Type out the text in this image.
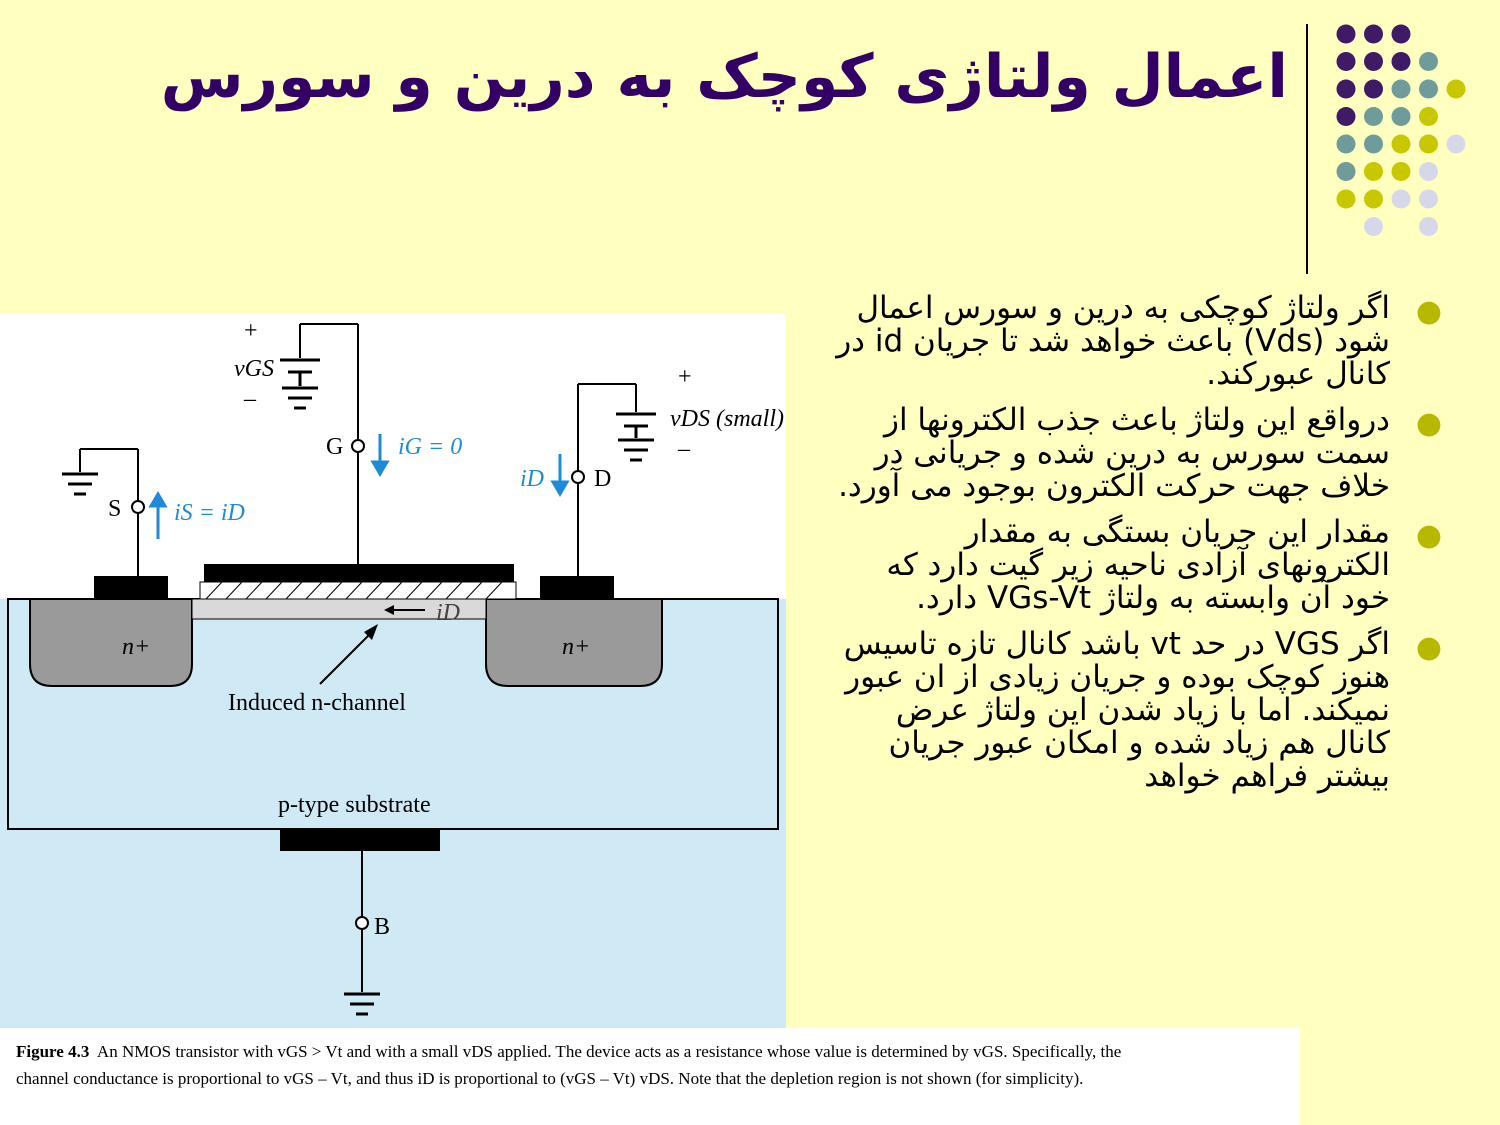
اعمال ولتاژی کوچک به درین و سورس
●
اگر ولتاژ کوچکی به درین و سورس اعمال شود (Vds) باعث خواهد شد تا جریان id در کانال عبورکند.
●
درواقع این ولتاژ باعث جذب الکترونها از سمت سورس به درین شده و جریانی در خلاف جهت حرکت الکترون بوجود می آورد.
●
مقدار این جریان بستگی به مقدار الکترونهای آزادی ناحیه زیر گیت دارد که خود آن وابسته به ولتاژ VGs-Vt دارد.
●
اگر VGS در حد vt باشد کانال تازه تاسیس هنوز کوچک بوده و جریان زیادی از ان عبور نمیکند. اما با زیاد شدن این ولتاژ عرض کانال هم زیاد شده و امکان عبور جریان بیشتر فراهم خواهد
+
vGS
–
+
vDS (small)
–
G iG = 0
S iS = iD
D
iD
iD
n+	n+
Induced n-channel
p-type substrate
B
Figure 4.3 An NMOS transistor with vGS > Vt and with a small vDS applied. The device acts as a resistance whose value is determined by vGS. Specifically, the channel conductance is proportional to vGS – Vt, and thus iD is proportional to (vGS – Vt) vDS. Note that the depletion region is not shown (for simplicity).
